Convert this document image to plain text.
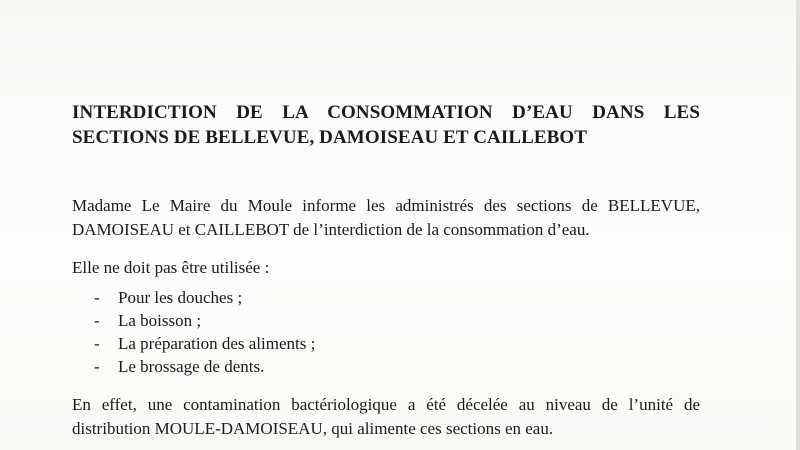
INTERDICTION DE LA CONSOMMATION D’EAU DANS LES
SECTIONS DE BELLEVUE, DAMOISEAU ET CAILLEBOT

Madame Le Maire du Moule informe les administrés des sections de BELLEVUE,
DAMOISEAU et CAILLEBOT de l’interdiction de la consommation d’eau.

Elle ne doit pas être utilisée :

- Pour les douches ;
- La boisson ;
- La préparation des aliments ;
- Le brossage de dents.

En effet, une contamination bactériologique a été décelée au niveau de l’unité de
distribution MOULE-DAMOISEAU, qui alimente ces sections en eau.
